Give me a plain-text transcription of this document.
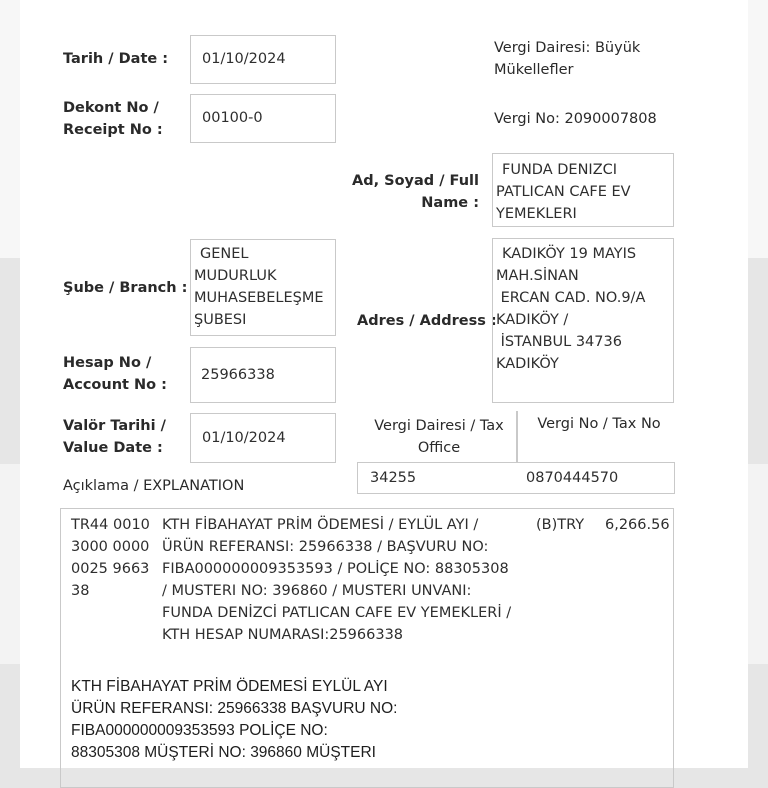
Tarih / Date : 01/10/2024
Vergi Dairesi: Büyük
Mükellefler
Vergi No: 2090007808
Dekont No /
Receipt No :
00100-0
Ad, Soyad / Full
Name :
FUNDA DENIZCI
PATLICAN CAFE EV
YEMEKLERI
Şube / Branch :
GENEL
MUDURLUK
MUHASEBELEŞME
ŞUBESI	Adres / Address :
KADIKÖY 19 MAYIS
MAH.SİNAN
ERCAN CAD. NO.9/A
KADIKÖY /
İSTANBUL 34736
KADIKÖY
Hesap No /
Account No :
25966338
Valör Tarihi /
Value Date :
01/10/2024
Vergi Dairesi / Tax
Office
Vergi No / Tax No
34255	0870444570
Açıklama / EXPLANATION
TR44 0010
3000 0000
0025 9663
38
KTH FİBAHAYAT PRİM ÖDEMESİ / EYLÜL AYI /
ÜRÜN REFERANSI: 25966338 / BAŞVURU NO:
FIBA000000009353593 / POLİÇE NO: 88305308
/ MUSTERI NO: 396860 / MUSTERI UNVANI:
FUNDA DENİZCİ PATLICAN CAFE EV YEMEKLERİ /
KTH HESAP NUMARASI:25966338
(B)TRY 6,266.56
KTH FİBAHAYAT PRİM ÖDEMESİ EYLÜL AYI
ÜRÜN REFERANSI: 25966338 BAŞVURU NO:
FIBA000000009353593 POLİÇE NO:
88305308 MÜŞTERİ NO: 396860 MÜŞTERI
